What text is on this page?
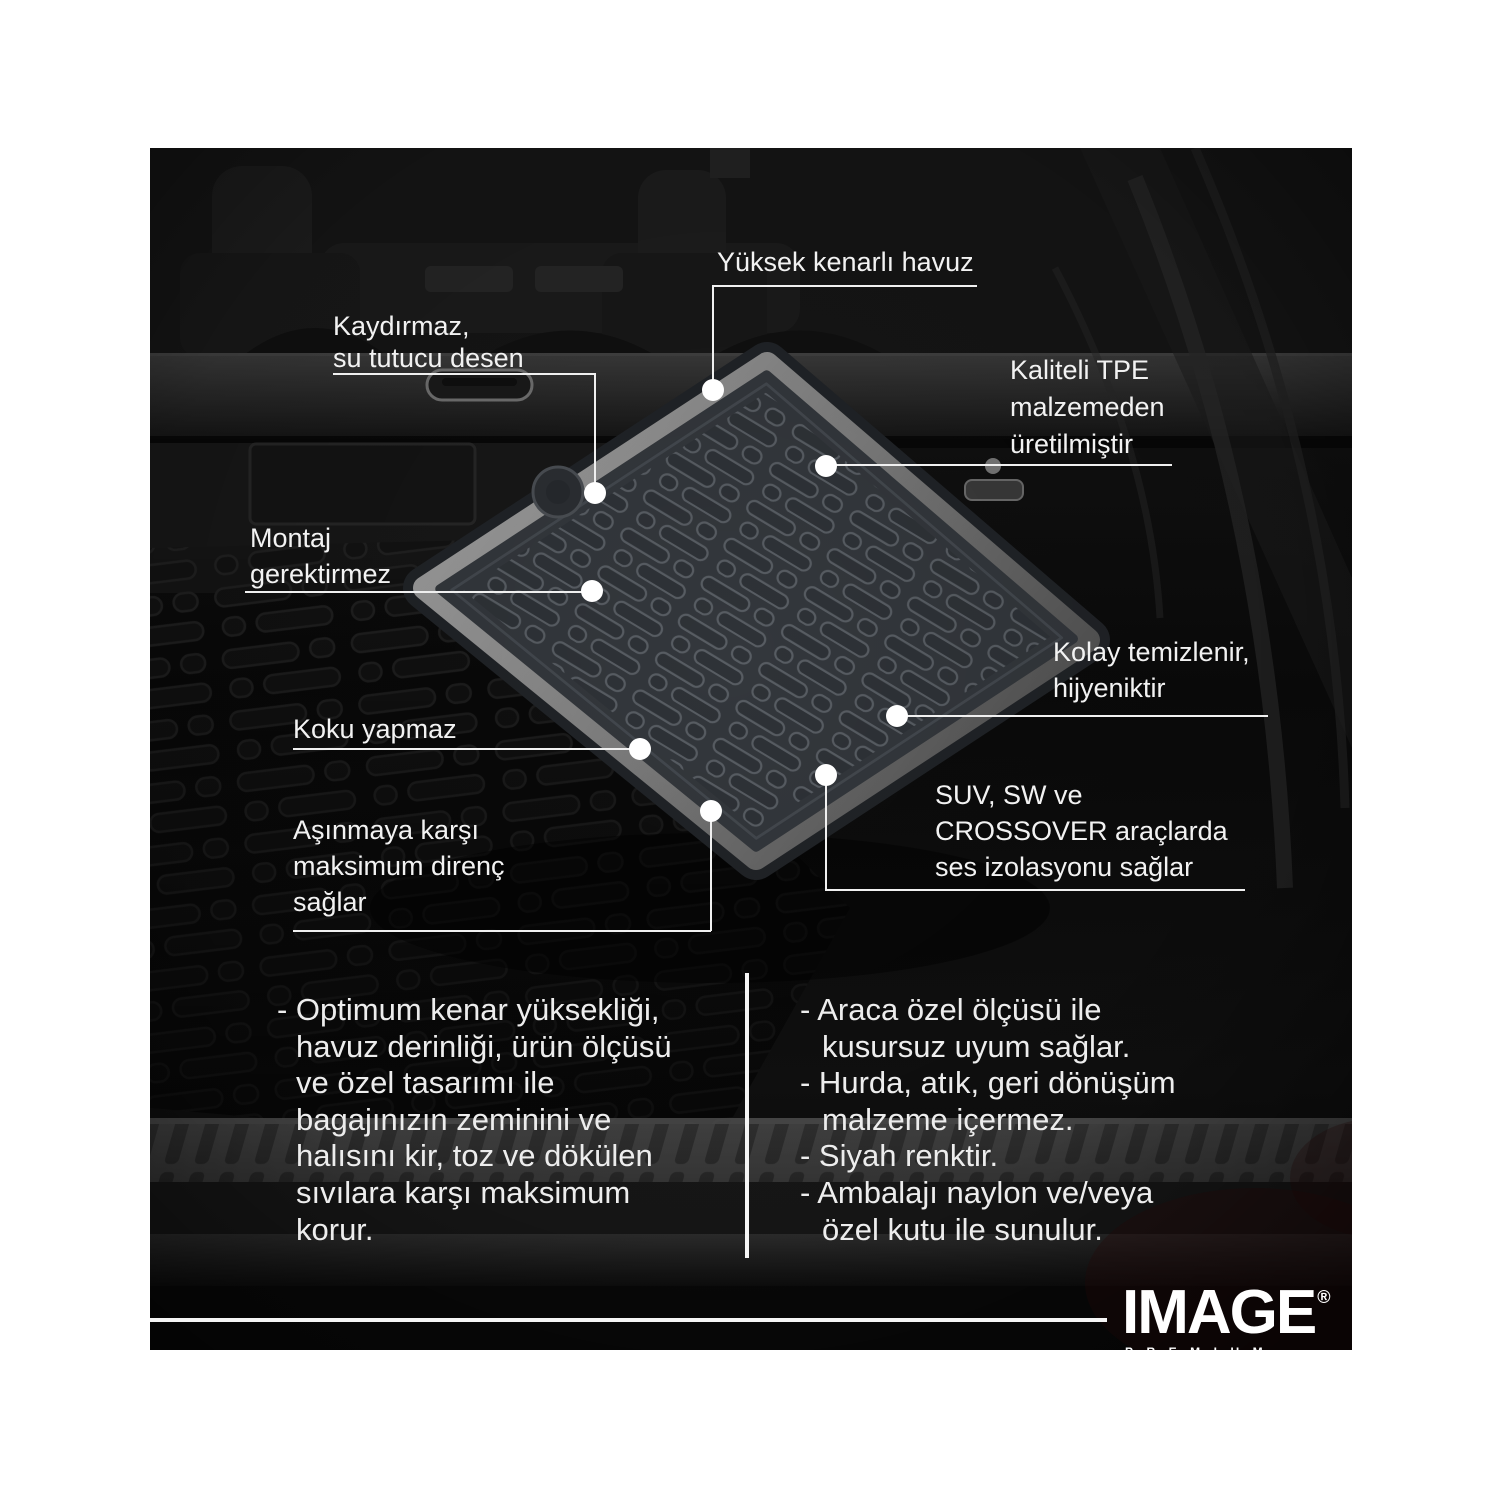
Yüksek kenarlı havuz
Kaydırmaz,
su tutucu desen	Kaliteli TPE
malzemeden
üretilmiştir
Montaj
gerektirmez
Koku yapmaz
Kolay temizlenir,
hijyeniktir
SUV, SW ve
CROSSOVER araçlarda
ses izolasyonu sağlar
Aşınmaya karşı
maksimum direnç
sağlar
- Optimum kenar yüksekliği,
havuz derinliği, ürün ölçüsü
ve özel tasarımı ile
bagajınızın zeminini ve
halısını kir, toz ve dökülen
sıvılara karşı maksimum
korur.
- Araca özel ölçüsü ile
kusursuz uyum sağlar.
- Hurda, atık, geri dönüşüm
malzeme içermez.
- Siyah renktir.
- Ambalajı naylon ve/veya
özel kutu ile sunulur.
IMAGE ®
PREMIUM
